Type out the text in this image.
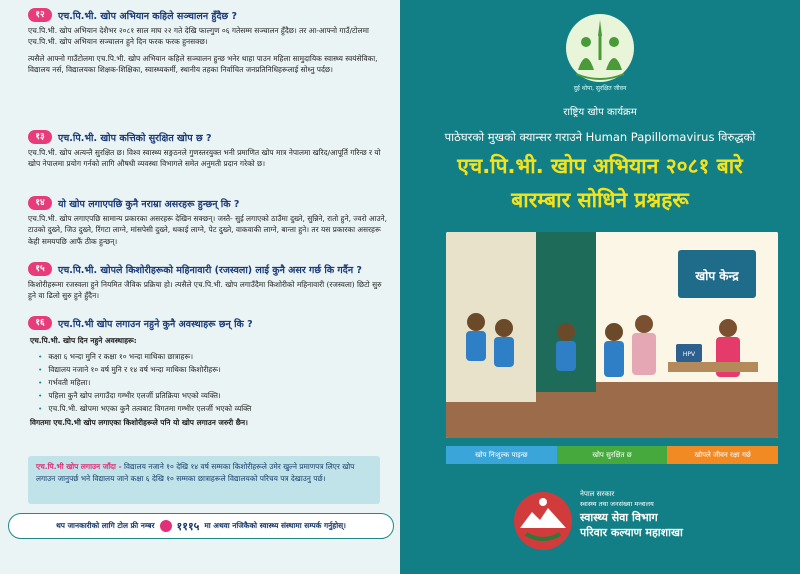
१२	एच.पि.भी. खोप अभियान कहिले सञ्चालन हुँदैछ ?

एच.पि.भी. खोप अभियान देशैभर २०८१ साल माघ २२ गते देखि फाल्गुण ०६ गतेसम्म सञ्चालन हुँदैछ। तर आ-आफ्नो गाउँ/टोलमा एच.पि.भी. खोप अभियान सञ्चालन हुने दिन फरक फरक हुनसक्छ।

त्यसैले आफ्नो गाउँटोलमा एच.पि.भी. खोप अभियान कहिले सञ्चालन हुन्छ भनेर थाहा पाउन महिला सामुदायिक स्वास्थ्य स्वयंसेविका, विद्यालय नर्स, विद्यालयका शिक्षक-शिक्षिका, स्वास्थ्यकर्मी, स्थानीय तहका निर्वाचित जनप्रतिनिधिहरूलाई सोध्नु पर्दछ।

१३	एच.पि.भी. खोप कत्तिको सुरक्षित खोप छ ?

एच.पि.भी. खोप अत्यन्तै सुरक्षित छ। विश्व स्वास्थ्य सङ्गठनले गुणस्तरयुक्त भनी प्रमाणित खोप मात्र नेपालमा खरिद/आपूर्ति गरिन्छ र यो खोप नेपालमा प्रयोग गर्नको लागि औषधी व्यवस्था विभागले समेत अनुमती प्रदान गरेको छ।

१४	यो खोप लगाएपछि कुनै नराम्रा असरहरू हुन्छन् कि ?

एच.पि.भी. खोप लगाएपछि सामान्य प्रकारका असरहरू देखिन सक्छन्। जस्तै- सुई लगाएको ठाउँमा दुख्ने, सुन्निने, रातो हुने, ज्वरो आउने, टाउको दुख्ने, जिउ दुख्ने, रिंगटा लाग्ने, मांसपेसी दुख्ने, थकाई लाग्ने, पेट दुख्ने, वाकवाकी लाग्ने, बान्ता हुने। तर यस प्रकारका असरहरू केही समयपछि आफैं ठीक हुन्छन्।

१५	एच.पि.भी. खोपले किशोरीहरूको महिनावारी (रजस्वला) लाई कुनै असर गर्छ कि गर्दैन ?

किशोरीहरूमा रजस्वला हुने नियमित जैविक प्रक्रिया हो। त्यसैले एच.पि.भी. खोप लगाउँदैमा किशोरीको महिनावारी (रजस्वला) छिटो सुरु हुने वा ढिलो सुरु हुने हुँदैन।

१६	एच.पि.भी खोप लगाउन नहुने कुनै अवस्थाहरू छन् कि ?
एच.पि.भी. खोप दिन नहुने अवस्थाहरू:
• कक्षा ६ भन्दा मुनि र कक्षा १० भन्दा माथिका छात्राहरू।
• विद्यालय नजाने १० वर्ष मुनि र १४ वर्ष भन्दा माथिका किशोरीहरू।
• गर्भवती महिला।
• पहिला कुनै खोप लगाउँदा गम्भीर एलर्जी प्रतिक्रिया भएको व्यक्ति।
• एच.पि.भी. खोपमा भएका कुनै तत्वबाट विगतमा गम्भीर एलर्जी भएको व्यक्ति
विगतमा एच.पि.भी खोप लगाएका किशोरीहरूले पनि यो खोप लगाउन जरुरी छैन।
एच.पि.भी खोप लगाउन जाँदा - विद्यालय नजाने १० देखि १४ वर्ष सम्मका किशोरीहरूले उमेर खुल्ने प्रमाणपत्र लिएर खोप लगाउन जानुपर्छ भने विद्यालय जाने कक्षा ६ देखि १० सम्मका छात्राहरूले विद्यालयको परिचय पत्र देखाउनु पर्छ।
थप जानकारीको लागि टोल फ्री नम्बर १११५ मा अथवा नजिकैको स्वास्थ्य संस्थामा सम्पर्क गर्नुहोस्।
दुई थोपा, सुरक्षित जीवन
राष्ट्रिय खोप कार्यक्रम
पाठेघरको मुखको क्यान्सर गराउने Human Papillomavirus विरुद्धको
एच.पि.भी. खोप अभियान २०८१ बारे
बारम्बार सोधिने प्रश्नहरू
खोप केन्द्र
HPV
खोप निःशुल्क पाइन्छ	खोप सुरक्षित छ	खोपले जीवन रक्षा गर्छ
नेपाल सरकार
स्वास्थ्य तथा जनसंख्या मन्त्रालय
स्वास्थ्य सेवा विभाग
परिवार कल्याण महाशाखा
